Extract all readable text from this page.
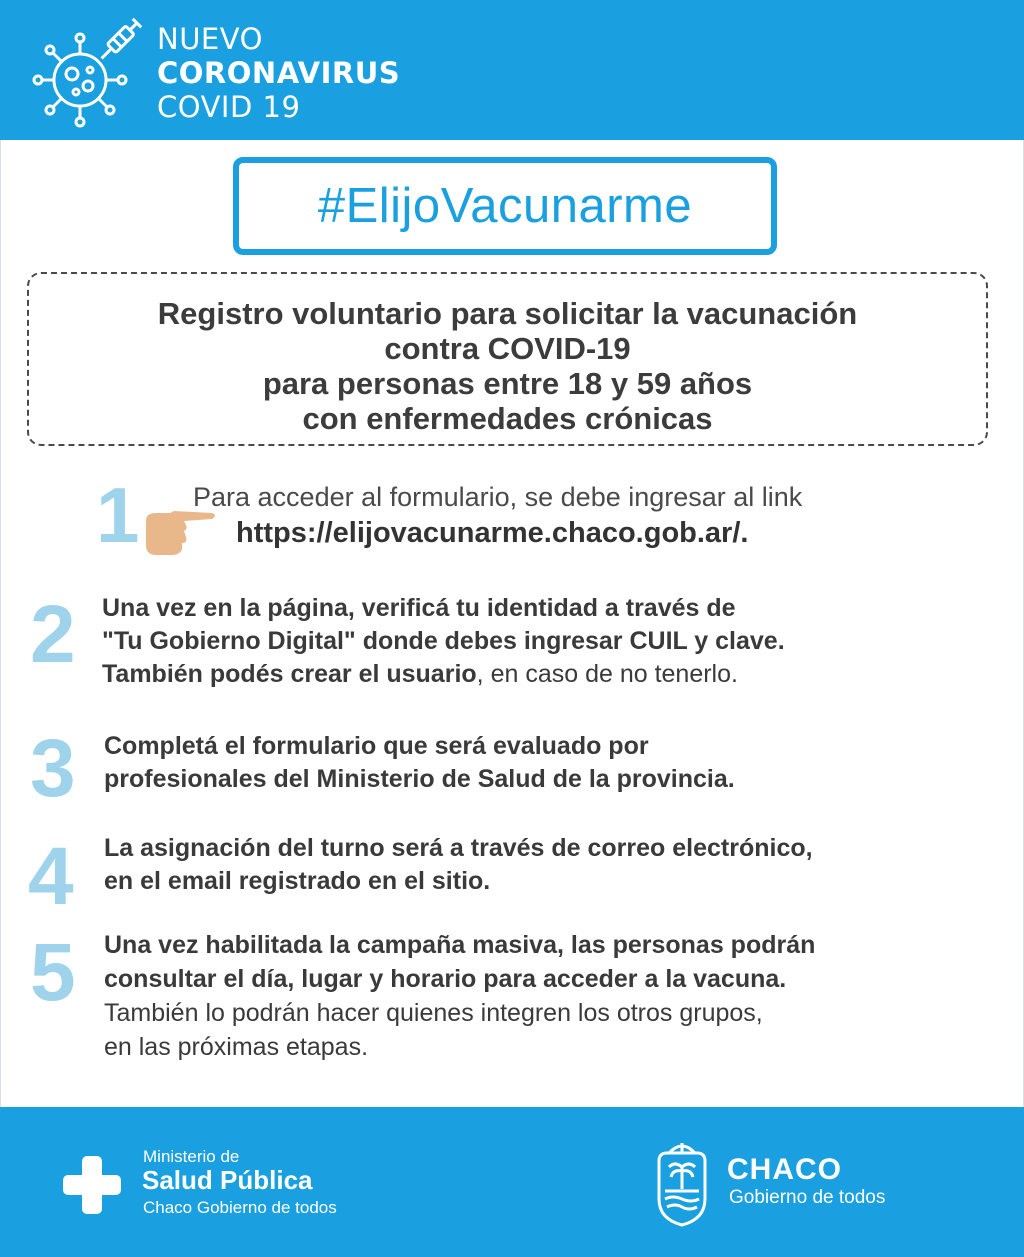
NUEVO
CORONAVIRUS
COVID 19
#ElijoVacunarme
Registro voluntario para solicitar la vacunación
contra COVID-19
para personas entre 18 y 59 años
con enfermedades crónicas
1 Para acceder al formulario, se debe ingresar al link
https://elijovacunarme.chaco.gob.ar/.
2 Una vez en la página, verificá tu identidad a través de
"Tu Gobierno Digital" donde debes ingresar CUIL y clave.
También podés crear el usuario, en caso de no tenerlo.
3 Completá el formulario que será evaluado por
profesionales del Ministerio de Salud de la provincia.
4 La asignación del turno será a través de correo electrónico,
en el email registrado en el sitio.
5 Una vez habilitada la campaña masiva, las personas podrán
consultar el día, lugar y horario para acceder a la vacuna.
También lo podrán hacer quienes integren los otros grupos,
en las próximas etapas.
Ministerio de
Salud Pública
Chaco Gobierno de todos
CHACO
Gobierno de todos
